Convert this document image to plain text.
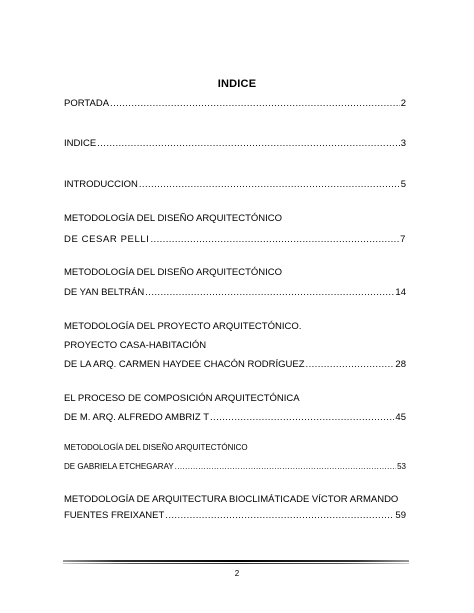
INDICE
PORTADA .....	2
INDICE .....	3
INTRODUCCION .....	5
METODOLOGÍA DEL DISEÑO ARQUITECTÓNICO
DE CESAR PELLI .....	7
METODOLOGÍA DEL DISEÑO ARQUITECTÓNICO
DE YAN BELTRÁN .....	14
METODOLOGÍA DEL PROYECTO ARQUITECTÓNICO.
PROYECTO CASA-HABITACIÓN
DE LA ARQ. CARMEN HAYDEE CHACÓN RODRÍGUEZ .....	28
EL PROCESO DE COMPOSICIÓN ARQUITECTÓNICA
DE M. ARQ. ALFREDO AMBRIZ T .....	45
METODOLOGÍA DEL DISEÑO ARQUITECTÓNICO
DE GABRIELA ETCHEGARAY .....	53
METODOLOGÍA DE ARQUITECTURA BIOCLIMÁTICADE VÍCTOR ARMANDO
FUENTES FREIXANET .....	59
2
